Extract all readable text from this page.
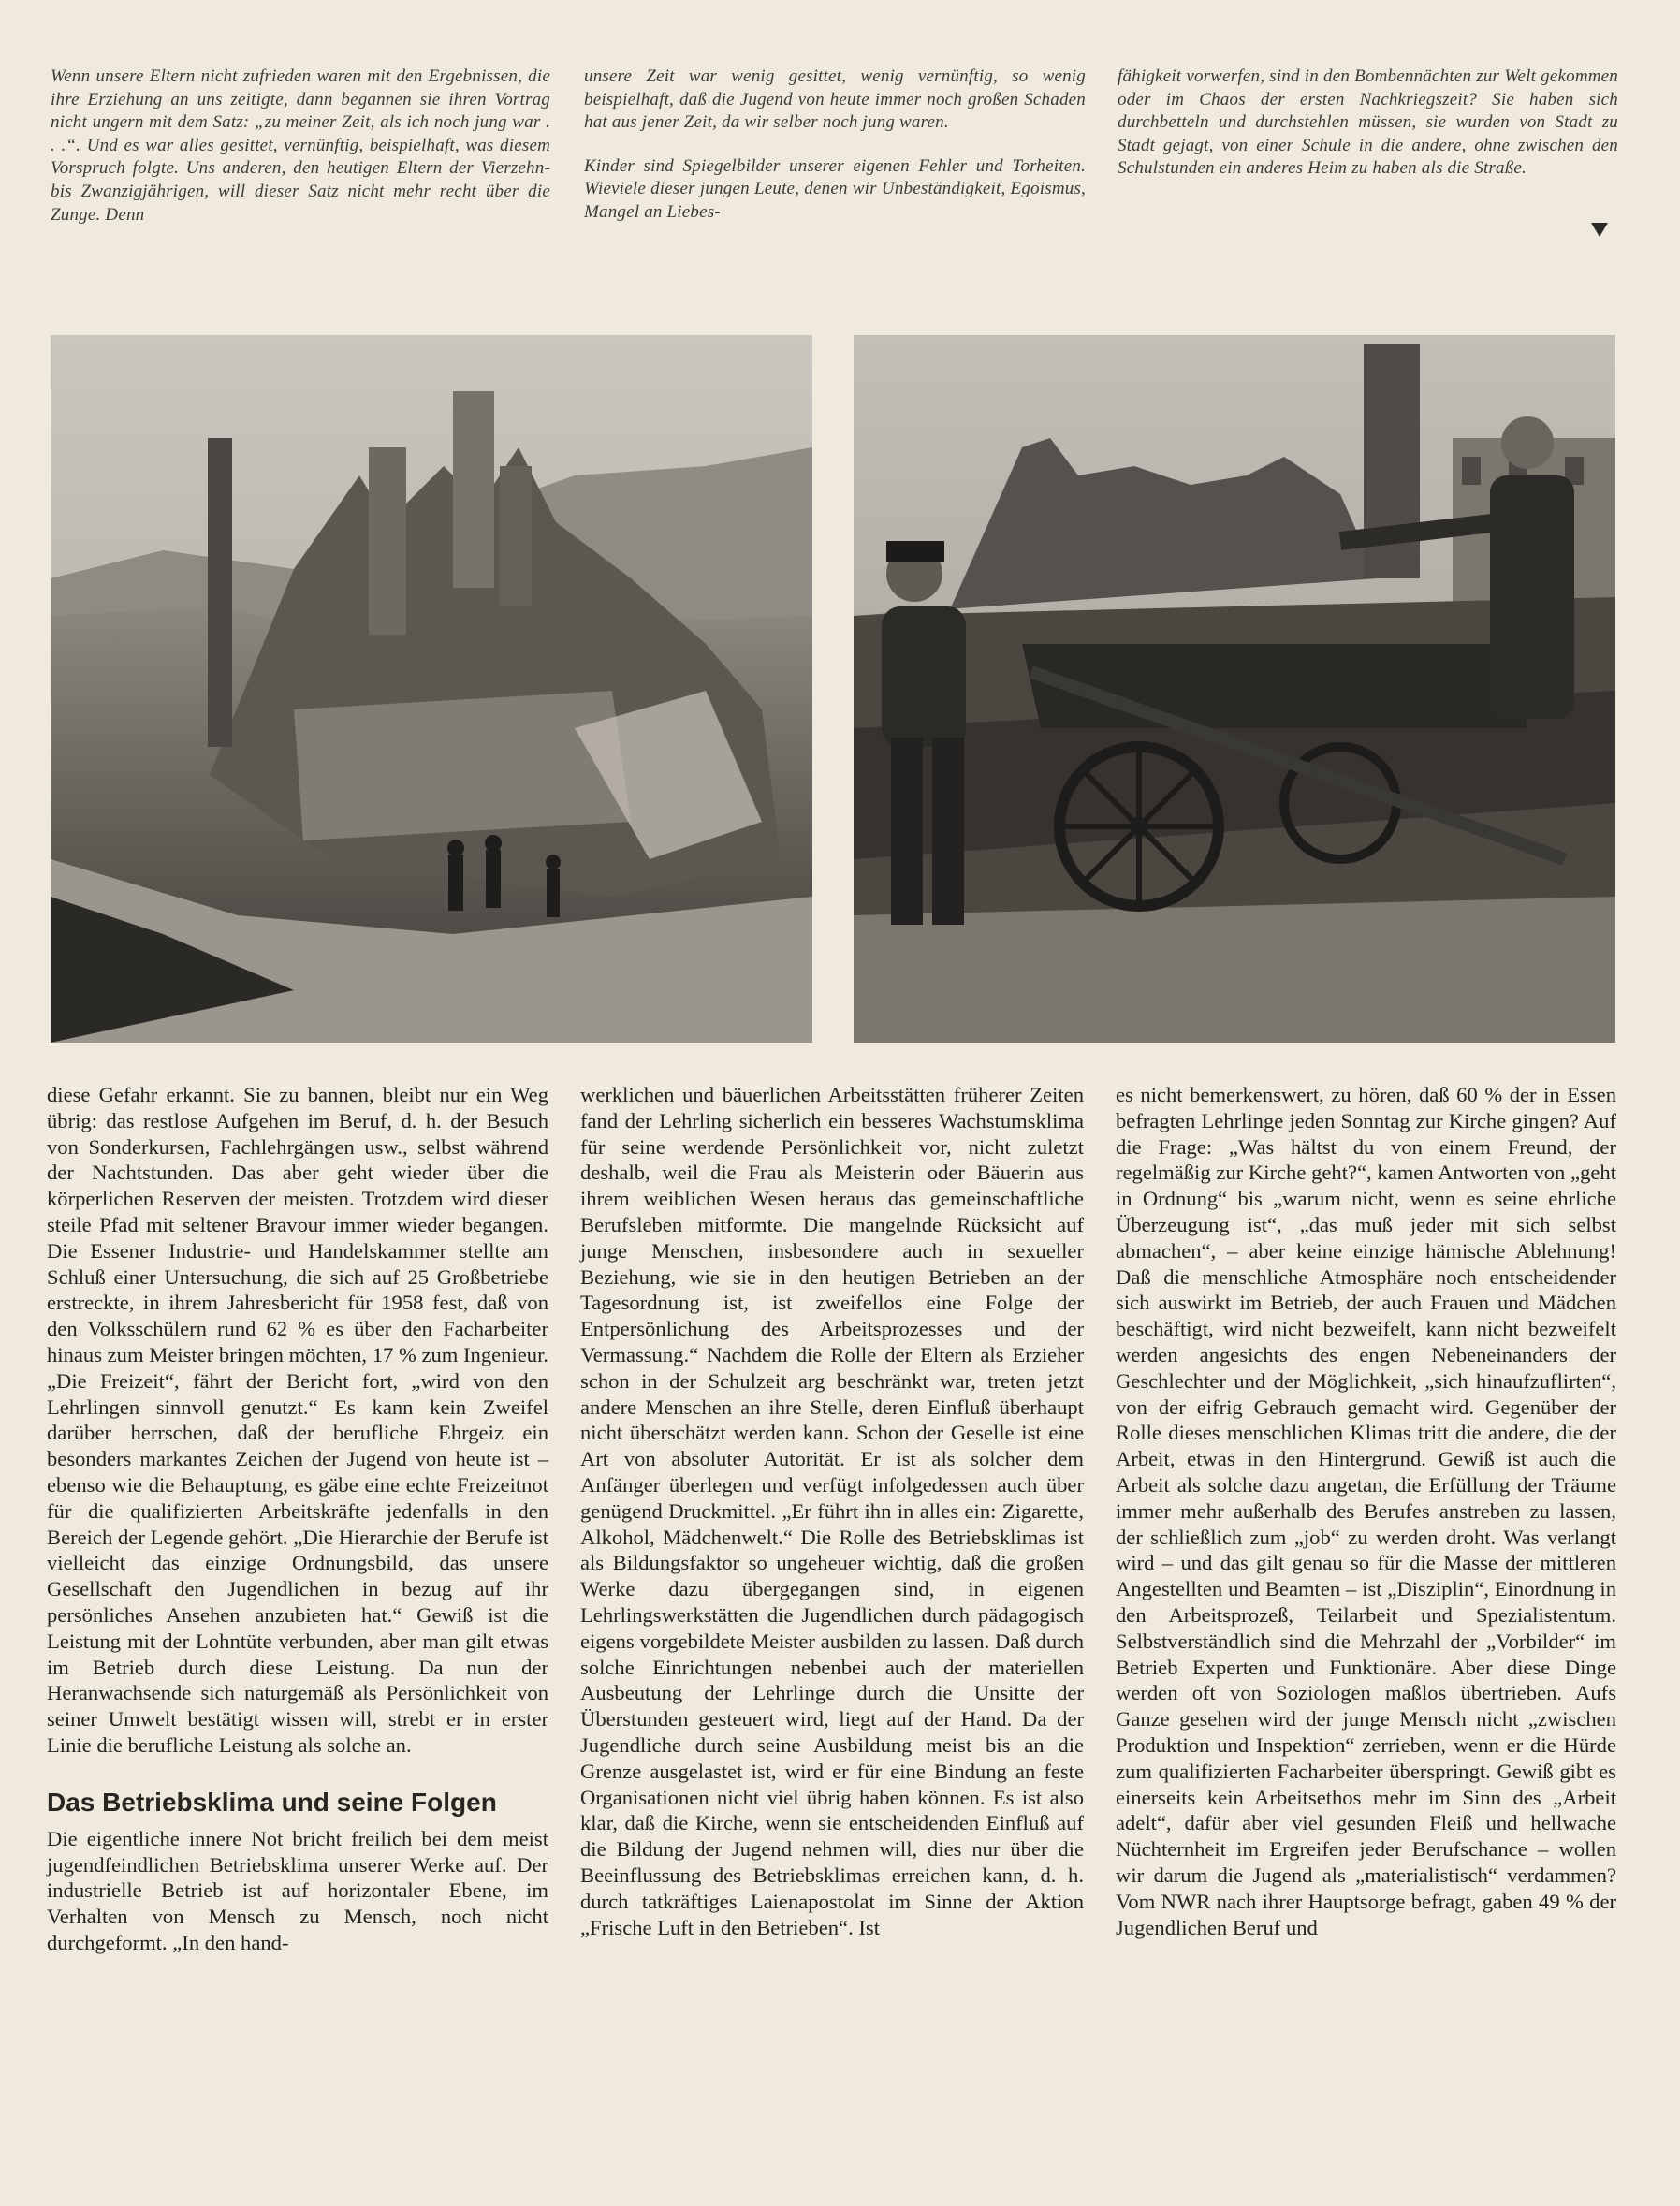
Wenn unsere Eltern nicht zufrieden waren mit den Ergebnissen, die ihre Erziehung an uns zeitigte, dann begannen sie ihren Vortrag nicht ungern mit dem Satz: „zu meiner Zeit, als ich noch jung war . . .“. Und es war alles gesittet, vernünftig, beispielhaft, was diesem Vorspruch folgte. Uns anderen, den heutigen Eltern der Vierzehn- bis Zwanzigjährigen, will dieser Satz nicht mehr recht über die Zunge. Denn

unsere Zeit war wenig gesittet, wenig vernünftig, so wenig beispielhaft, daß die Jugend von heute immer noch großen Schaden hat aus jener Zeit, da wir selber noch jung waren.

Kinder sind Spiegelbilder unserer eigenen Fehler und Torheiten. Wieviele dieser jungen Leute, denen wir Unbeständigkeit, Egoismus, Mangel an Liebes-

fähigkeit vorwerfen, sind in den Bombennächten zur Welt gekommen oder im Chaos der ersten Nachkriegszeit? Sie haben sich durchbetteln und durchstehlen müssen, sie wurden von Stadt zu Stadt gejagt, von einer Schule in die andere, ohne zwischen den Schulstunden ein anderes Heim zu haben als die Straße.

diese Gefahr erkannt. Sie zu bannen, bleibt nur ein Weg übrig: das restlose Aufgehen im Beruf, d. h. der Besuch von Sonderkursen, Fachlehrgängen usw., selbst während der Nachtstunden. Das aber geht wieder über die körperlichen Reserven der meisten. Trotzdem wird dieser steile Pfad mit seltener Bravour immer wieder begangen. Die Essener Industrie- und Handelskammer stellte am Schluß einer Untersuchung, die sich auf 25 Großbetriebe erstreckte, in ihrem Jahresbericht für 1958 fest, daß von den Volksschülern rund 62 % es über den Facharbeiter hinaus zum Meister bringen möchten, 17 % zum Ingenieur. „Die Freizeit“, fährt der Bericht fort, „wird von den Lehrlingen sinnvoll genutzt.“ Es kann kein Zweifel darüber herrschen, daß der berufliche Ehrgeiz ein besonders markantes Zeichen der Jugend von heute ist – ebenso wie die Behauptung, es gäbe eine echte Freizeitnot für die qualifizierten Arbeitskräfte jedenfalls in den Bereich der Legende gehört. „Die Hierarchie der Berufe ist vielleicht das einzige Ordnungsbild, das unsere Gesellschaft den Jugendlichen in bezug auf ihr persönliches Ansehen anzubieten hat.“ Gewiß ist die Leistung mit der Lohntüte verbunden, aber man gilt etwas im Betrieb durch diese Leistung. Da nun der Heranwachsende sich naturgemäß als Persönlichkeit von seiner Umwelt bestätigt wissen will, strebt er in erster Linie die berufliche Leistung als solche an.

Das Betriebsklima und seine Folgen

Die eigentliche innere Not bricht freilich bei dem meist jugendfeindlichen Betriebsklima unserer Werke auf. Der industrielle Betrieb ist auf horizontaler Ebene, im Verhalten von Mensch zu Mensch, noch nicht durchgeformt. „In den hand-

werklichen und bäuerlichen Arbeitsstätten früherer Zeiten fand der Lehrling sicherlich ein besseres Wachstumsklima für seine werdende Persönlichkeit vor, nicht zuletzt deshalb, weil die Frau als Meisterin oder Bäuerin aus ihrem weiblichen Wesen heraus das gemeinschaftliche Berufsleben mitformte. Die mangelnde Rücksicht auf junge Menschen, insbesondere auch in sexueller Beziehung, wie sie in den heutigen Betrieben an der Tagesordnung ist, ist zweifellos eine Folge der Entpersönlichung des Arbeitsprozesses und der Vermassung.“ Nachdem die Rolle der Eltern als Erzieher schon in der Schulzeit arg beschränkt war, treten jetzt andere Menschen an ihre Stelle, deren Einfluß überhaupt nicht überschätzt werden kann. Schon der Geselle ist eine Art von absoluter Autorität. Er ist als solcher dem Anfänger überlegen und verfügt infolgedessen auch über genügend Druckmittel. „Er führt ihn in alles ein: Zigarette, Alkohol, Mädchenwelt.“ Die Rolle des Betriebsklimas ist als Bildungsfaktor so ungeheuer wichtig, daß die großen Werke dazu übergegangen sind, in eigenen Lehrlingswerkstätten die Jugendlichen durch pädagogisch eigens vorgebildete Meister ausbilden zu lassen. Daß durch solche Einrichtungen nebenbei auch der materiellen Ausbeutung der Lehrlinge durch die Unsitte der Überstunden gesteuert wird, liegt auf der Hand. Da der Jugendliche durch seine Ausbildung meist bis an die Grenze ausgelastet ist, wird er für eine Bindung an feste Organisationen nicht viel übrig haben können. Es ist also klar, daß die Kirche, wenn sie entscheidenden Einfluß auf die Bildung der Jugend nehmen will, dies nur über die Beeinflussung des Betriebsklimas erreichen kann, d. h. durch tatkräftiges Laienapostolat im Sinne der Aktion „Frische Luft in den Betrieben“. Ist

es nicht bemerkenswert, zu hören, daß 60 % der in Essen befragten Lehrlinge jeden Sonntag zur Kirche gingen? Auf die Frage: „Was hältst du von einem Freund, der regelmäßig zur Kirche geht?“, kamen Antworten von „geht in Ordnung“ bis „warum nicht, wenn es seine ehrliche Überzeugung ist“, „das muß jeder mit sich selbst abmachen“, – aber keine einzige hämische Ablehnung! Daß die menschliche Atmosphäre noch entscheidender sich auswirkt im Betrieb, der auch Frauen und Mädchen beschäftigt, wird nicht bezweifelt, kann nicht bezweifelt werden angesichts des engen Nebeneinanders der Geschlechter und der Möglichkeit, „sich hinaufzuflirten“, von der eifrig Gebrauch gemacht wird. Gegenüber der Rolle dieses menschlichen Klimas tritt die andere, die der Arbeit, etwas in den Hintergrund. Gewiß ist auch die Arbeit als solche dazu angetan, die Erfüllung der Träume immer mehr außerhalb des Berufes anstreben zu lassen, der schließlich zum „job“ zu werden droht. Was verlangt wird – und das gilt genau so für die Masse der mittleren Angestellten und Beamten – ist „Disziplin“, Einordnung in den Arbeitsprozeß, Teilarbeit und Spezialistentum. Selbstverständlich sind die Mehrzahl der „Vorbilder“ im Betrieb Experten und Funktionäre. Aber diese Dinge werden oft von Soziologen maßlos übertrieben. Aufs Ganze gesehen wird der junge Mensch nicht „zwischen Produktion und Inspektion“ zerrieben, wenn er die Hürde zum qualifizierten Facharbeiter überspringt. Gewiß gibt es einerseits kein Arbeitsethos mehr im Sinn des „Arbeit adelt“, dafür aber viel gesunden Fleiß und hellwache Nüchternheit im Ergreifen jeder Berufschance – wollen wir darum die Jugend als „materialistisch“ verdammen? Vom NWR nach ihrer Hauptsorge befragt, gaben 49 % der Jugendlichen Beruf und
